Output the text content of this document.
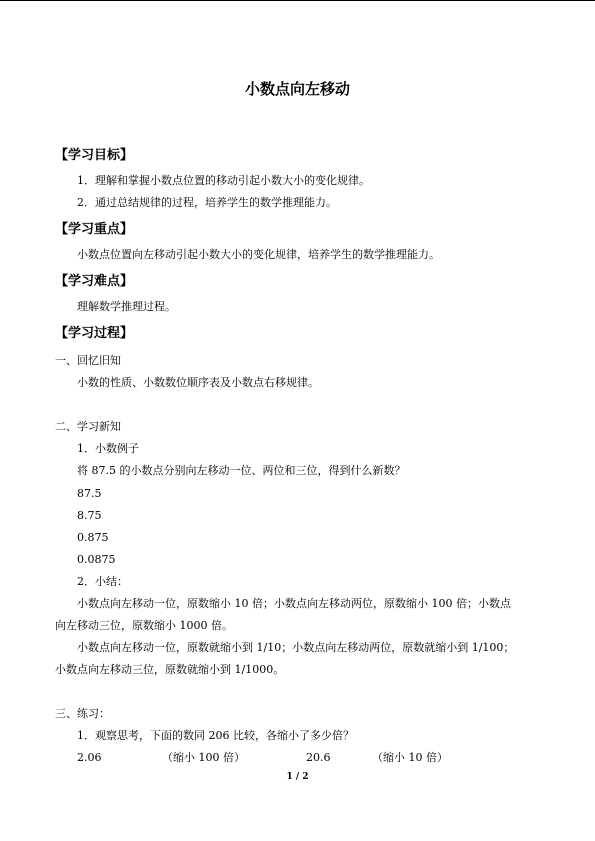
小数点向左移动
【学习目标】
1．理解和掌握小数点位置的移动引起小数大小的变化规律。
2．通过总结规律的过程，培养学生的数学推理能力。
【学习重点】
小数点位置向左移动引起小数大小的变化规律，培养学生的数学推理能力。
【学习难点】
理解数学推理过程。
【学习过程】
一、回忆旧知
小数的性质、小数数位顺序表及小数点右移规律。
二、学习新知
1．小数例子
将 87.5 的小数点分别向左移动一位、两位和三位，得到什么新数？
87.5
8.75
0.875
0.0875
2．小结：
小数点向左移动一位，原数缩小 10 倍；小数点向左移动两位，原数缩小 100 倍；小数点
向左移动三位，原数缩小 1000 倍。
小数点向左移动一位，原数就缩小到 1/10；小数点向左移动两位，原数就缩小到 1/100；
小数点向左移动三位，原数就缩小到 1/1000。
三、练习：
1．观察思考，下面的数同 206 比较，各缩小了多少倍？
2.06	（缩小 100 倍）	20.6	（缩小 10 倍）
1 / 2
